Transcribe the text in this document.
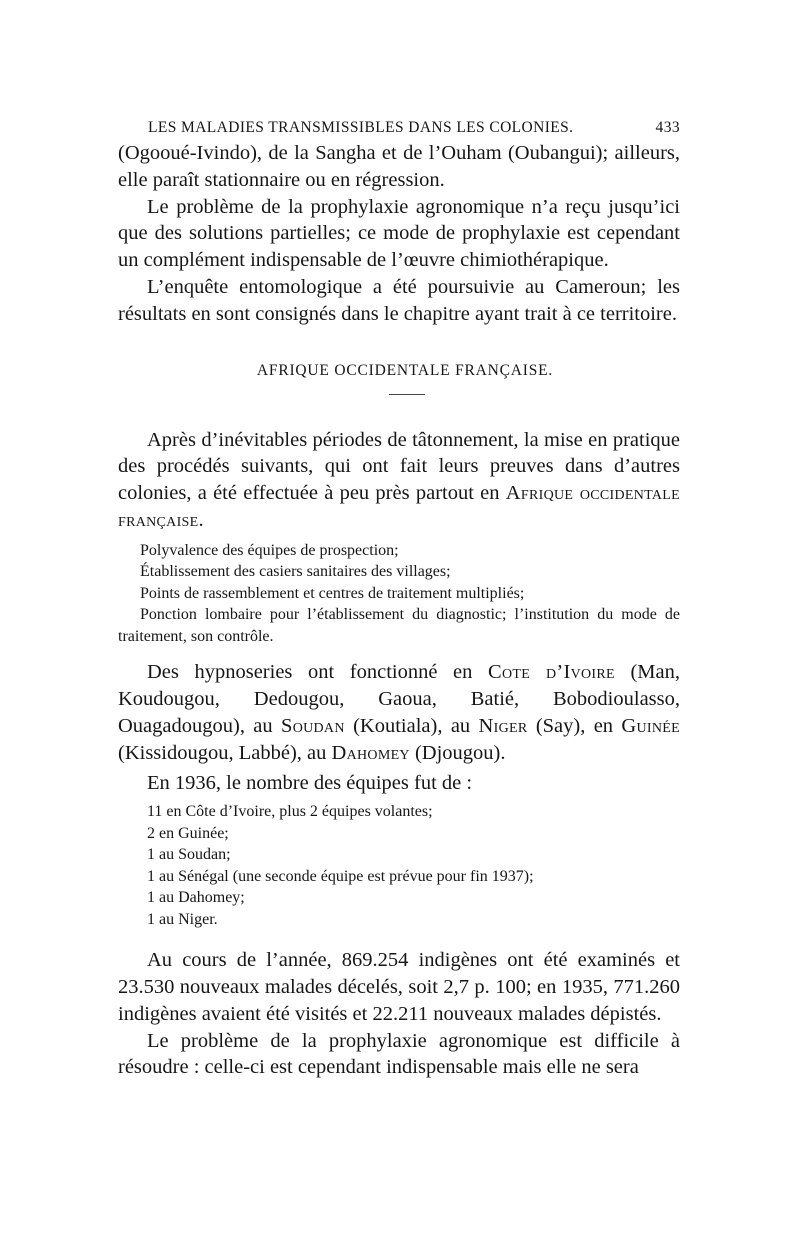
LES MALADIES TRANSMISSIBLES DANS LES COLONIES.	433

(Ogooué-Ivindo), de la Sangha et de l’Ouham (Oubangui); ailleurs, elle paraît stationnaire ou en régression.

Le problème de la prophylaxie agronomique n’a reçu jusqu’ici que des solutions partielles; ce mode de prophylaxie est cependant un complément indispensable de l’œuvre chimiothérapique.

L’enquête entomologique a été poursuivie au Cameroun; les résultats en sont consignés dans le chapitre ayant trait à ce territoire.

AFRIQUE OCCIDENTALE FRANÇAISE.

Après d’inévitables périodes de tâtonnement, la mise en pratique des procédés suivants, qui ont fait leurs preuves dans d’autres colonies, a été effectuée à peu près partout en Afrique occidentale française.

Polyvalence des équipes de prospection;
Établissement des casiers sanitaires des villages;
Points de rassemblement et centres de traitement multipliés;
Ponction lombaire pour l’établissement du diagnostic; l’institution du mode de traitement, son contrôle.

Des hypnoseries ont fonctionné en Cote d’Ivoire (Man, Koudougou, Dedougou, Gaoua, Batié, Bobodioulasso, Ouagadougou), au Soudan (Koutiala), au Niger (Say), en Guinée (Kissidougou, Labbé), au Dahomey (Djougou).

En 1936, le nombre des équipes fut de :

11 en Côte d’Ivoire, plus 2 équipes volantes;
2 en Guinée;
1 au Soudan;
1 au Sénégal (une seconde équipe est prévue pour fin 1937);
1 au Dahomey;
1 au Niger.

Au cours de l’année, 869.254 indigènes ont été examinés et 23.530 nouveaux malades décelés, soit 2,7 p. 100; en 1935, 771.260 indigènes avaient été visités et 22.211 nouveaux malades dépistés.

Le problème de la prophylaxie agronomique est difficile à résoudre : celle-ci est cependant indispensable mais elle ne sera
